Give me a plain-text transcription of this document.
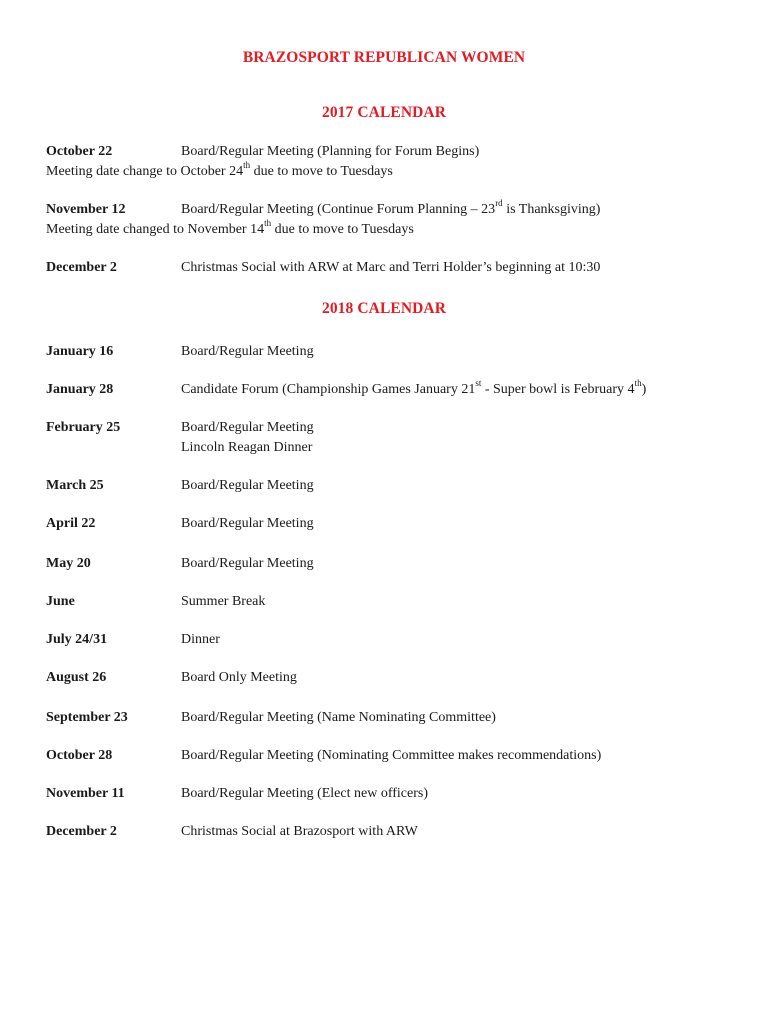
BRAZOSPORT REPUBLICAN WOMEN
2017 CALENDAR
October 22	Board/Regular Meeting (Planning for Forum Begins)
Meeting date change to October 24th due to move to Tuesdays
November 12	Board/Regular Meeting (Continue Forum Planning – 23rd is Thanksgiving)
Meeting date changed to November 14th due to move to Tuesdays
December 2	Christmas Social with ARW at Marc and Terri Holder’s beginning at 10:30
2018 CALENDAR
January 16	Board/Regular Meeting
January 28	Candidate Forum (Championship Games January 21st - Super bowl is February 4th)
February 25	Board/Regular Meeting
Lincoln Reagan Dinner
March 25	Board/Regular Meeting
April 22	Board/Regular Meeting
May 20	Board/Regular Meeting
June	Summer Break
July 24/31	Dinner
August 26	Board Only Meeting
September 23	Board/Regular Meeting (Name Nominating Committee)
October 28	Board/Regular Meeting (Nominating Committee makes recommendations)
November 11	Board/Regular Meeting (Elect new officers)
December 2	Christmas Social at Brazosport with ARW
